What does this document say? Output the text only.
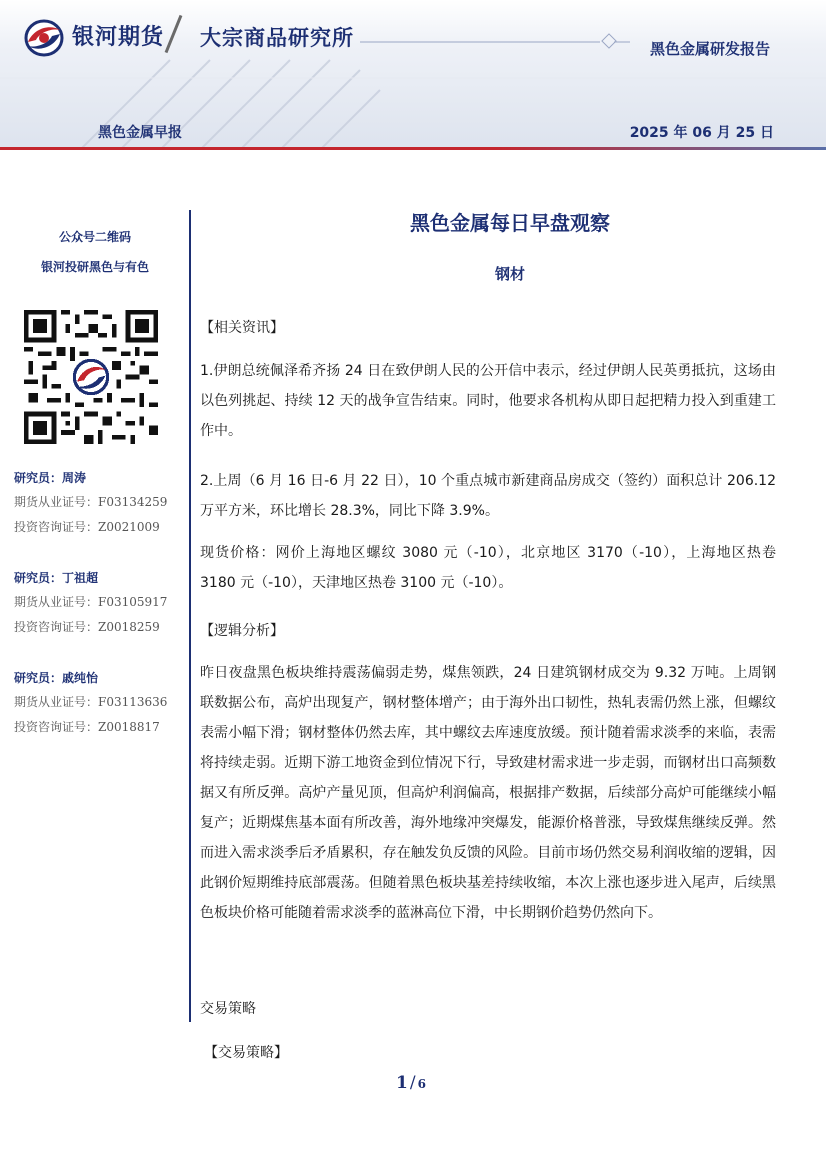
银河期货 大宗商品研究所	黑色金属研发报告
黑色金属早报	2025 年 06 月 25 日
公众号二维码
银河投研黑色与有色
研究员：周涛
期货从业证号：F03134259
投资咨询证号：Z0021009
研究员：丁祖超
期货从业证号：F03105917
投资咨询证号：Z0018259
研究员：戚纯怡
期货从业证号：F03113636
投资咨询证号：Z0018817
黑色金属每日早盘观察
钢材
【相关资讯】

1.伊朗总统佩泽希齐扬 24 日在致伊朗人民的公开信中表示，经过伊朗人民英勇抵抗，这场由以色列挑起、持续 12 天的战争宣告结束。同时，他要求各机构从即日起把精力投入到重建工作中。

2.上周（6 月 16 日-6 月 22 日），10 个重点城市新建商品房成交（签约）面积总计 206.12 万平方米，环比增长 28.3%，同比下降 3.9%。

现货价格：网价上海地区螺纹 3080 元（-10），北京地区 3170（-10），上海地区热卷 3180 元（-10），天津地区热卷 3100 元（-10）。

【逻辑分析】

昨日夜盘黑色板块维持震荡偏弱走势，煤焦领跌，24 日建筑钢材成交为 9.32 万吨。上周钢联数据公布，高炉出现复产，钢材整体增产；由于海外出口韧性，热轧表需仍然上涨，但螺纹表需小幅下滑；钢材整体仍然去库，其中螺纹去库速度放缓。预计随着需求淡季的来临，表需将持续走弱。近期下游工地资金到位情况下行，导致建材需求进一步走弱，而钢材出口高频数据又有所反弹。高炉产量见顶，但高炉利润偏高，根据排产数据，后续部分高炉可能继续小幅复产；近期煤焦基本面有所改善，海外地缘冲突爆发，能源价格普涨，导致煤焦继续反弹。然而进入需求淡季后矛盾累积，存在触发负反馈的风险。目前市场仍然交易利润收缩的逻辑，因此钢价短期维持底部震荡。但随着黑色板块基差持续收缩，本次上涨也逐步进入尾声，后续黑色板块价格可能随着需求淡季的蓝淋高位下滑，中长期钢价趋势仍然向下。

交易策略
【交易策略】
1 / 6
